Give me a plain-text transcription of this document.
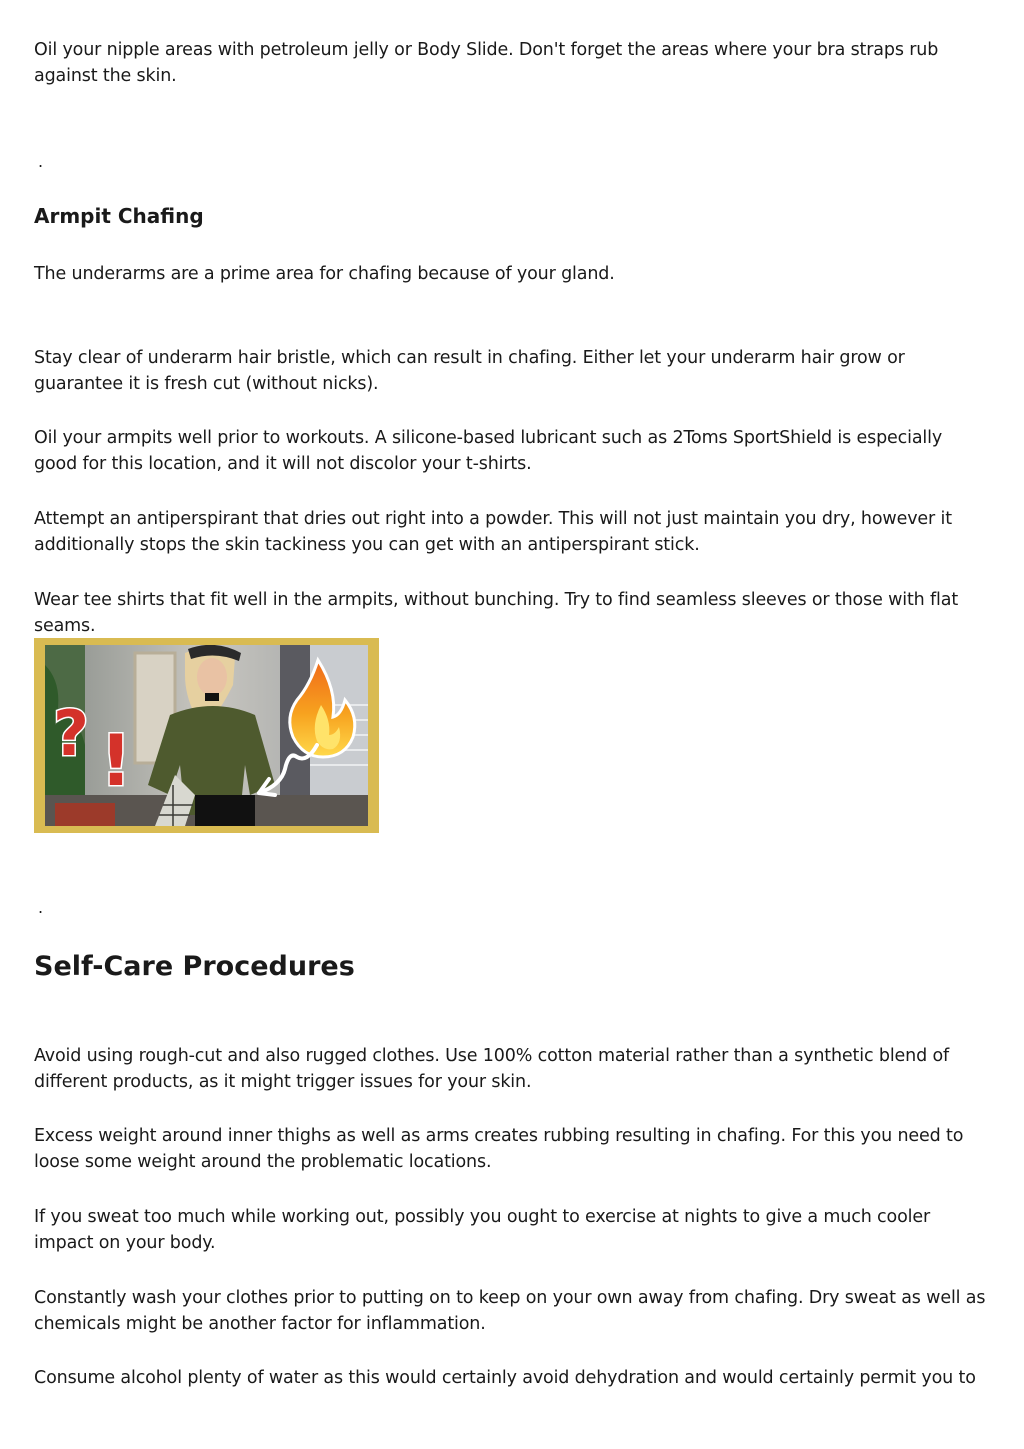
Oil your nipple areas with petroleum jelly or Body Slide. Don't forget the areas where your bra straps rub against the skin.

.

Armpit Chafing

The underarms are a prime area for chafing because of your gland.

Stay clear of underarm hair bristle, which can result in chafing. Either let your underarm hair grow or guarantee it is fresh cut (without nicks).

Oil your armpits well prior to workouts. A silicone-based lubricant such as 2Toms SportShield is especially good for this location, and it will not discolor your t-shirts.

Attempt an antiperspirant that dries out right into a powder. This will not just maintain you dry, however it additionally stops the skin tackiness you can get with an antiperspirant stick.

Wear tee shirts that fit well in the armpits, without bunching. Try to find seamless sleeves or those with flat seams.

? !

.

Self-Care Procedures

Avoid using rough-cut and also rugged clothes. Use 100% cotton material rather than a synthetic blend of different products, as it might trigger issues for your skin.

Excess weight around inner thighs as well as arms creates rubbing resulting in chafing. For this you need to loose some weight around the problematic locations.

If you sweat too much while working out, possibly you ought to exercise at nights to give a much cooler impact on your body.

Constantly wash your clothes prior to putting on to keep on your own away from chafing. Dry sweat as well as chemicals might be another factor for inflammation.

Consume alcohol plenty of water as this would certainly avoid dehydration and would certainly permit you to
